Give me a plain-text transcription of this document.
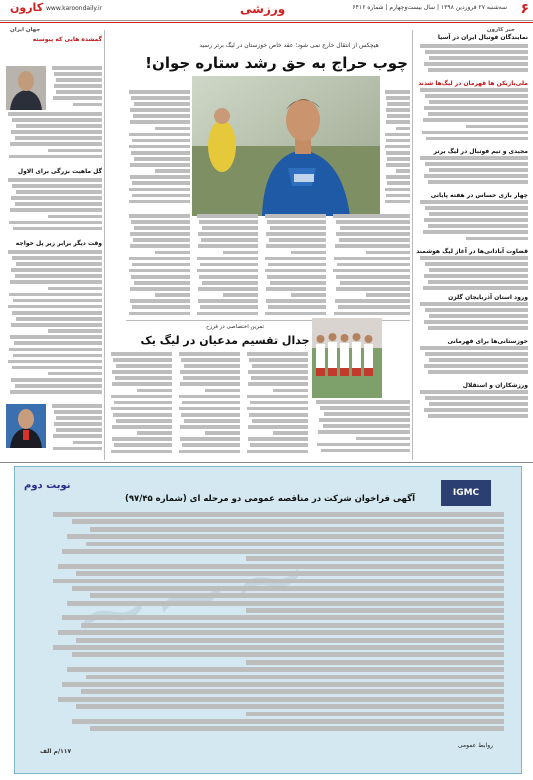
۶
سه‌شنبه ۲۷ فروردین ۱۳۹۸ | سال بیست‌وچهارم | شماره ۶۴۱۶
ورزشی
کارون www.karoondaily.ir
خبر کارون
جهان ایران
نمایندگان فوتبال ایران در آسیا
ملی‌بازیکن ها قهرمان در لیگ‌ها شدند
مجیدی و تیم فوتبال در لیگ برتر
چهار بازی حساس در هفته پایانی
قضاوت آبادانی‌ها در آغاز لیگ هوشمند
ورود استان آذربایجان گلزن
خوزستانی‌ها برای قهرمانی
ورزشکاران و استقلال
هیچکس از انتقال خارج نمی شود؛ عقد خاص خوزستان در لیگ برتر رسید
چوب حراج به حق رشد ستاره جوان!
تمرین اختصاصی در فرزح
جدال تقسیم مدعیان در لیگ یک
گمشده هایی که پیوسته
گل ماهیت بزرگی برای الاول
وقت دیگر برابر زیر پل خواجه
نوبت دوم
IGMC
آگهی فراخوان شرکت در مناقصه عمومی دو مرحله ای (شماره ۹۷/۴۵)
روابط عمومی
۱۱۷/م الف
